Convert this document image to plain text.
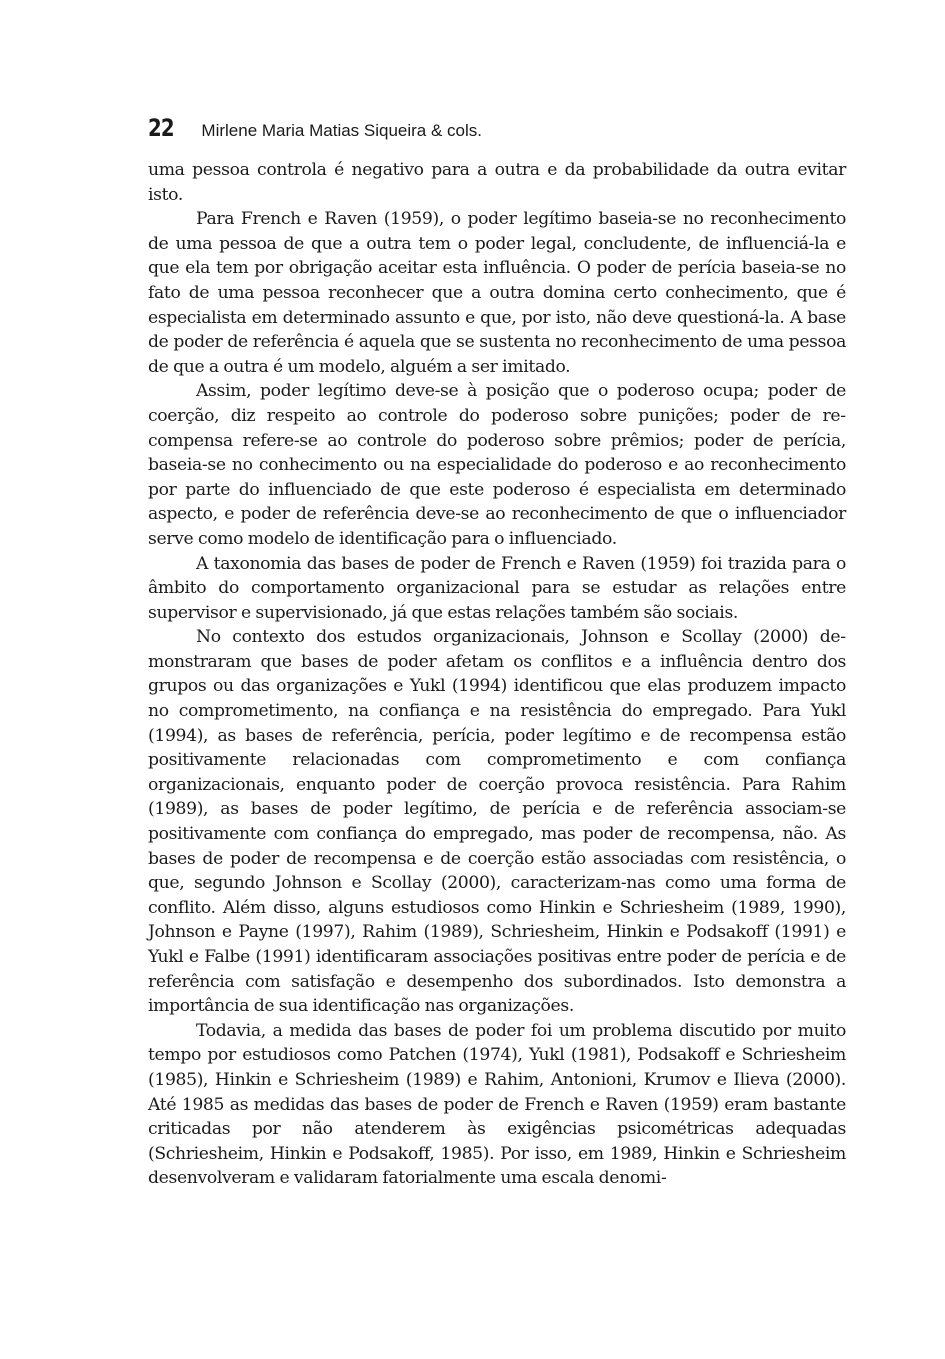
22 Mirlene Maria Matias Siqueira & cols.

uma pessoa controla é negativo para a outra e da probabilidade da outra evitar isto.

Para French e Raven (1959), o poder legítimo baseia-se no reconhecimento de uma pessoa de que a outra tem o poder legal, concludente, de influenciá-la e que ela tem por obrigação aceitar esta influência. O poder de perícia baseia-se no fato de uma pessoa reconhecer que a outra domina certo conhecimento, que é especialista em determinado assunto e que, por isto, não deve questioná-la. A base de poder de referência é aquela que se sustenta no reconhecimento de uma pessoa de que a outra é um modelo, alguém a ser imitado.

Assim, poder legítimo deve-se à posição que o poderoso ocupa; poder de coerção, diz respeito ao controle do poderoso sobre punições; poder de recompensa refere-se ao controle do poderoso sobre prêmios; poder de perícia, baseia-se no conhecimento ou na especialidade do poderoso e ao reconhecimento por parte do influenciado de que este poderoso é especialista em determinado aspecto, e poder de referência deve-se ao reconhecimento de que o influenciador serve como modelo de identificação para o influenciado.

A taxonomia das bases de poder de French e Raven (1959) foi trazida para o âmbito do comportamento organizacional para se estudar as relações entre supervisor e supervisionado, já que estas relações também são sociais.

No contexto dos estudos organizacionais, Johnson e Scollay (2000) demonstraram que bases de poder afetam os conflitos e a influência dentro dos grupos ou das organizações e Yukl (1994) identificou que elas produzem impacto no comprometimento, na confiança e na resistência do empregado. Para Yukl (1994), as bases de referência, perícia, poder legítimo e de recompensa estão positivamente relacionadas com comprometimento e com confiança organizacionais, enquanto poder de coerção provoca resistência. Para Rahim (1989), as bases de poder legítimo, de perícia e de referência associam-se positivamente com confiança do empregado, mas poder de recompensa, não. As bases de poder de recompensa e de coerção estão associadas com resistência, o que, segundo Johnson e Scollay (2000), caracterizam-nas como uma forma de conflito. Além disso, alguns estudiosos como Hinkin e Schriesheim (1989, 1990), Johnson e Payne (1997), Rahim (1989), Schriesheim, Hinkin e Podsakoff (1991) e Yukl e Falbe (1991) identificaram associações positivas entre poder de perícia e de referência com satisfação e desempenho dos subordinados. Isto demonstra a importância de sua identificação nas organizações.

Todavia, a medida das bases de poder foi um problema discutido por muito tempo por estudiosos como Patchen (1974), Yukl (1981), Podsakoff e Schriesheim (1985), Hinkin e Schriesheim (1989) e Rahim, Antonioni, Krumov e Ilieva (2000). Até 1985 as medidas das bases de poder de French e Raven (1959) eram bastante criticadas por não atenderem às exigências psicométricas adequadas (Schriesheim, Hinkin e Podsakoff, 1985). Por isso, em 1989, Hinkin e Schriesheim desenvolveram e validaram fatorialmente uma escala denomi-
